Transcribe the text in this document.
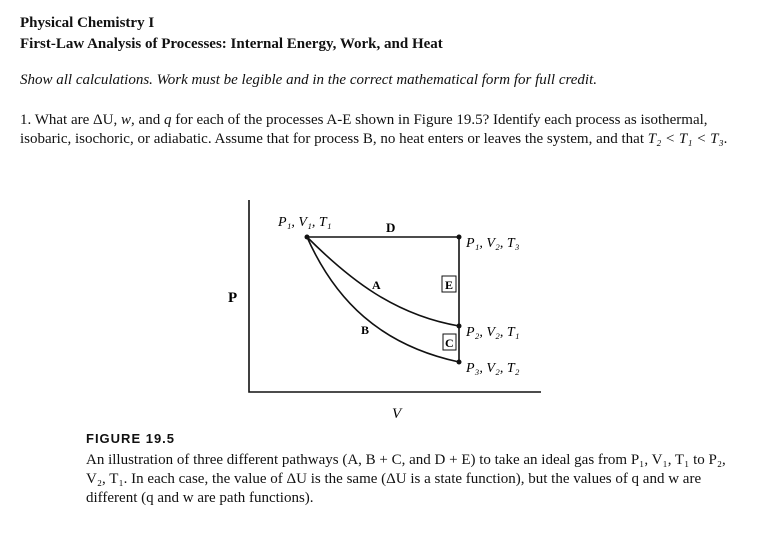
Physical Chemistry I
First-Law Analysis of Processes: Internal Energy, Work, and Heat
Show all calculations. Work must be legible and in the correct mathematical form for full credit.
1. What are ΔU, w, and q for each of the processes A-E shown in Figure 19.5? Identify each process as isothermal, isobaric, isochoric, or adiabatic. Assume that for process B, no heat enters or leaves the system, and that T₂ < T₁ < T₃.
P
V
P₁, V₁, T₁
P₁, V₂, T₃
P₂, V₂, T₁
P₃, V₂, T₂
D
A
B
E
C
FIGURE 19.5
An illustration of three different pathways (A, B + C, and D + E) to take an ideal gas from P₁, V₁, T₁ to P₂, V₂, T₁. In each case, the value of ΔU is the same (ΔU is a state function), but the values of q and w are different (q and w are path functions).
